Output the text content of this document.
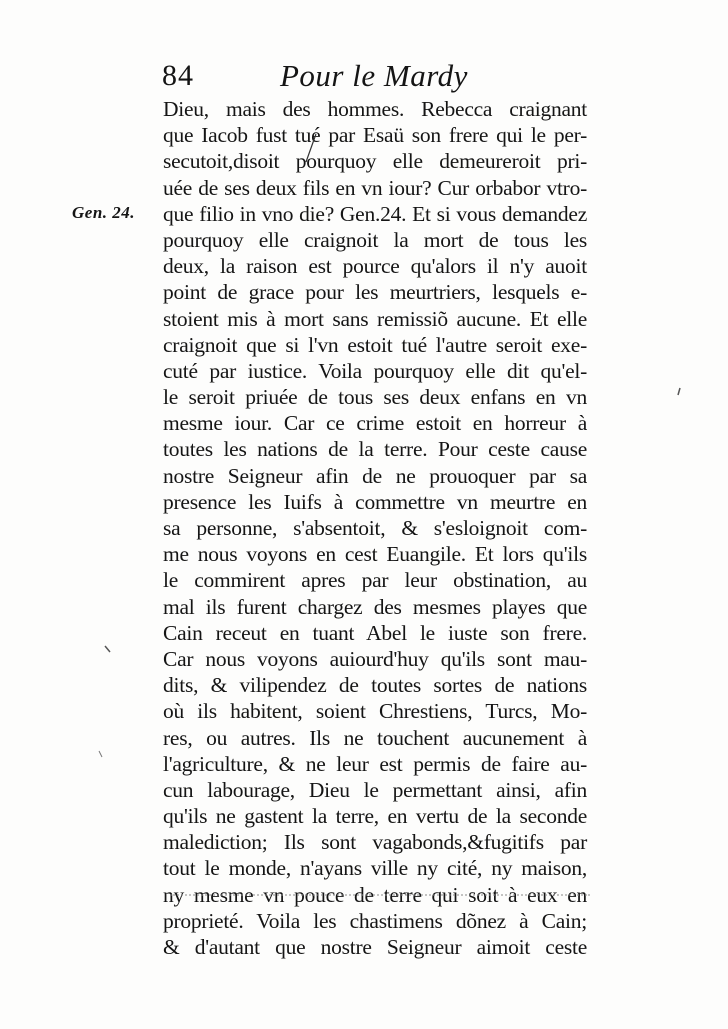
84	Pour le Mardy
Gen. 24.
Dieu, mais des hommes. Rebecca craignant
que Iacob fust tué par Esaü son frere qui le per-
secutoit,disoit pourquoy elle demeureroit pri-
uée de ses deux fils en vn iour? Cur orbabor vtro-
que filio in vno die? Gen.24. Et si vous demandez
pourquoy elle craignoit la mort de tous les
deux, la raison est pource qu'alors il n'y auoit
point de grace pour les meurtriers, lesquels e-
stoient mis à mort sans remissiõ aucune. Et elle
craignoit que si l'vn estoit tué l'autre seroit exe-
cuté par iustice. Voila pourquoy elle dit qu'el-
le seroit priuée de tous ses deux enfans en vn
mesme iour. Car ce crime estoit en horreur à
toutes les nations de la terre. Pour ceste cause
nostre Seigneur afin de ne prouoquer par sa
presence les Iuifs à commettre vn meurtre en
sa personne, s'absentoit, & s'esloignoit com-
me nous voyons en cest Euangile. Et lors qu'ils
le commirent apres par leur obstination, au
mal ils furent chargez des mesmes playes que
Cain receut en tuant Abel le iuste son frere.
Car nous voyons auiourd'huy qu'ils sont mau-
dits, & vilipendez de toutes sortes de nations
où ils habitent, soient Chrestiens, Turcs, Mo-
res, ou autres. Ils ne touchent aucunement à
l'agriculture, & ne leur est permis de faire au-
cun labourage, Dieu le permettant ainsi, afin
qu'ils ne gastent la terre, en vertu de la seconde
malediction; Ils sont vagabonds,&fugitifs par
tout le monde, n'ayans ville ny cité, ny maison,
ny mesme vn pouce de terre qui soit à eux en
proprieté. Voila les chastimens dõnez à Cain;
& d'autant que nostre Seigneur aimoit ceste
